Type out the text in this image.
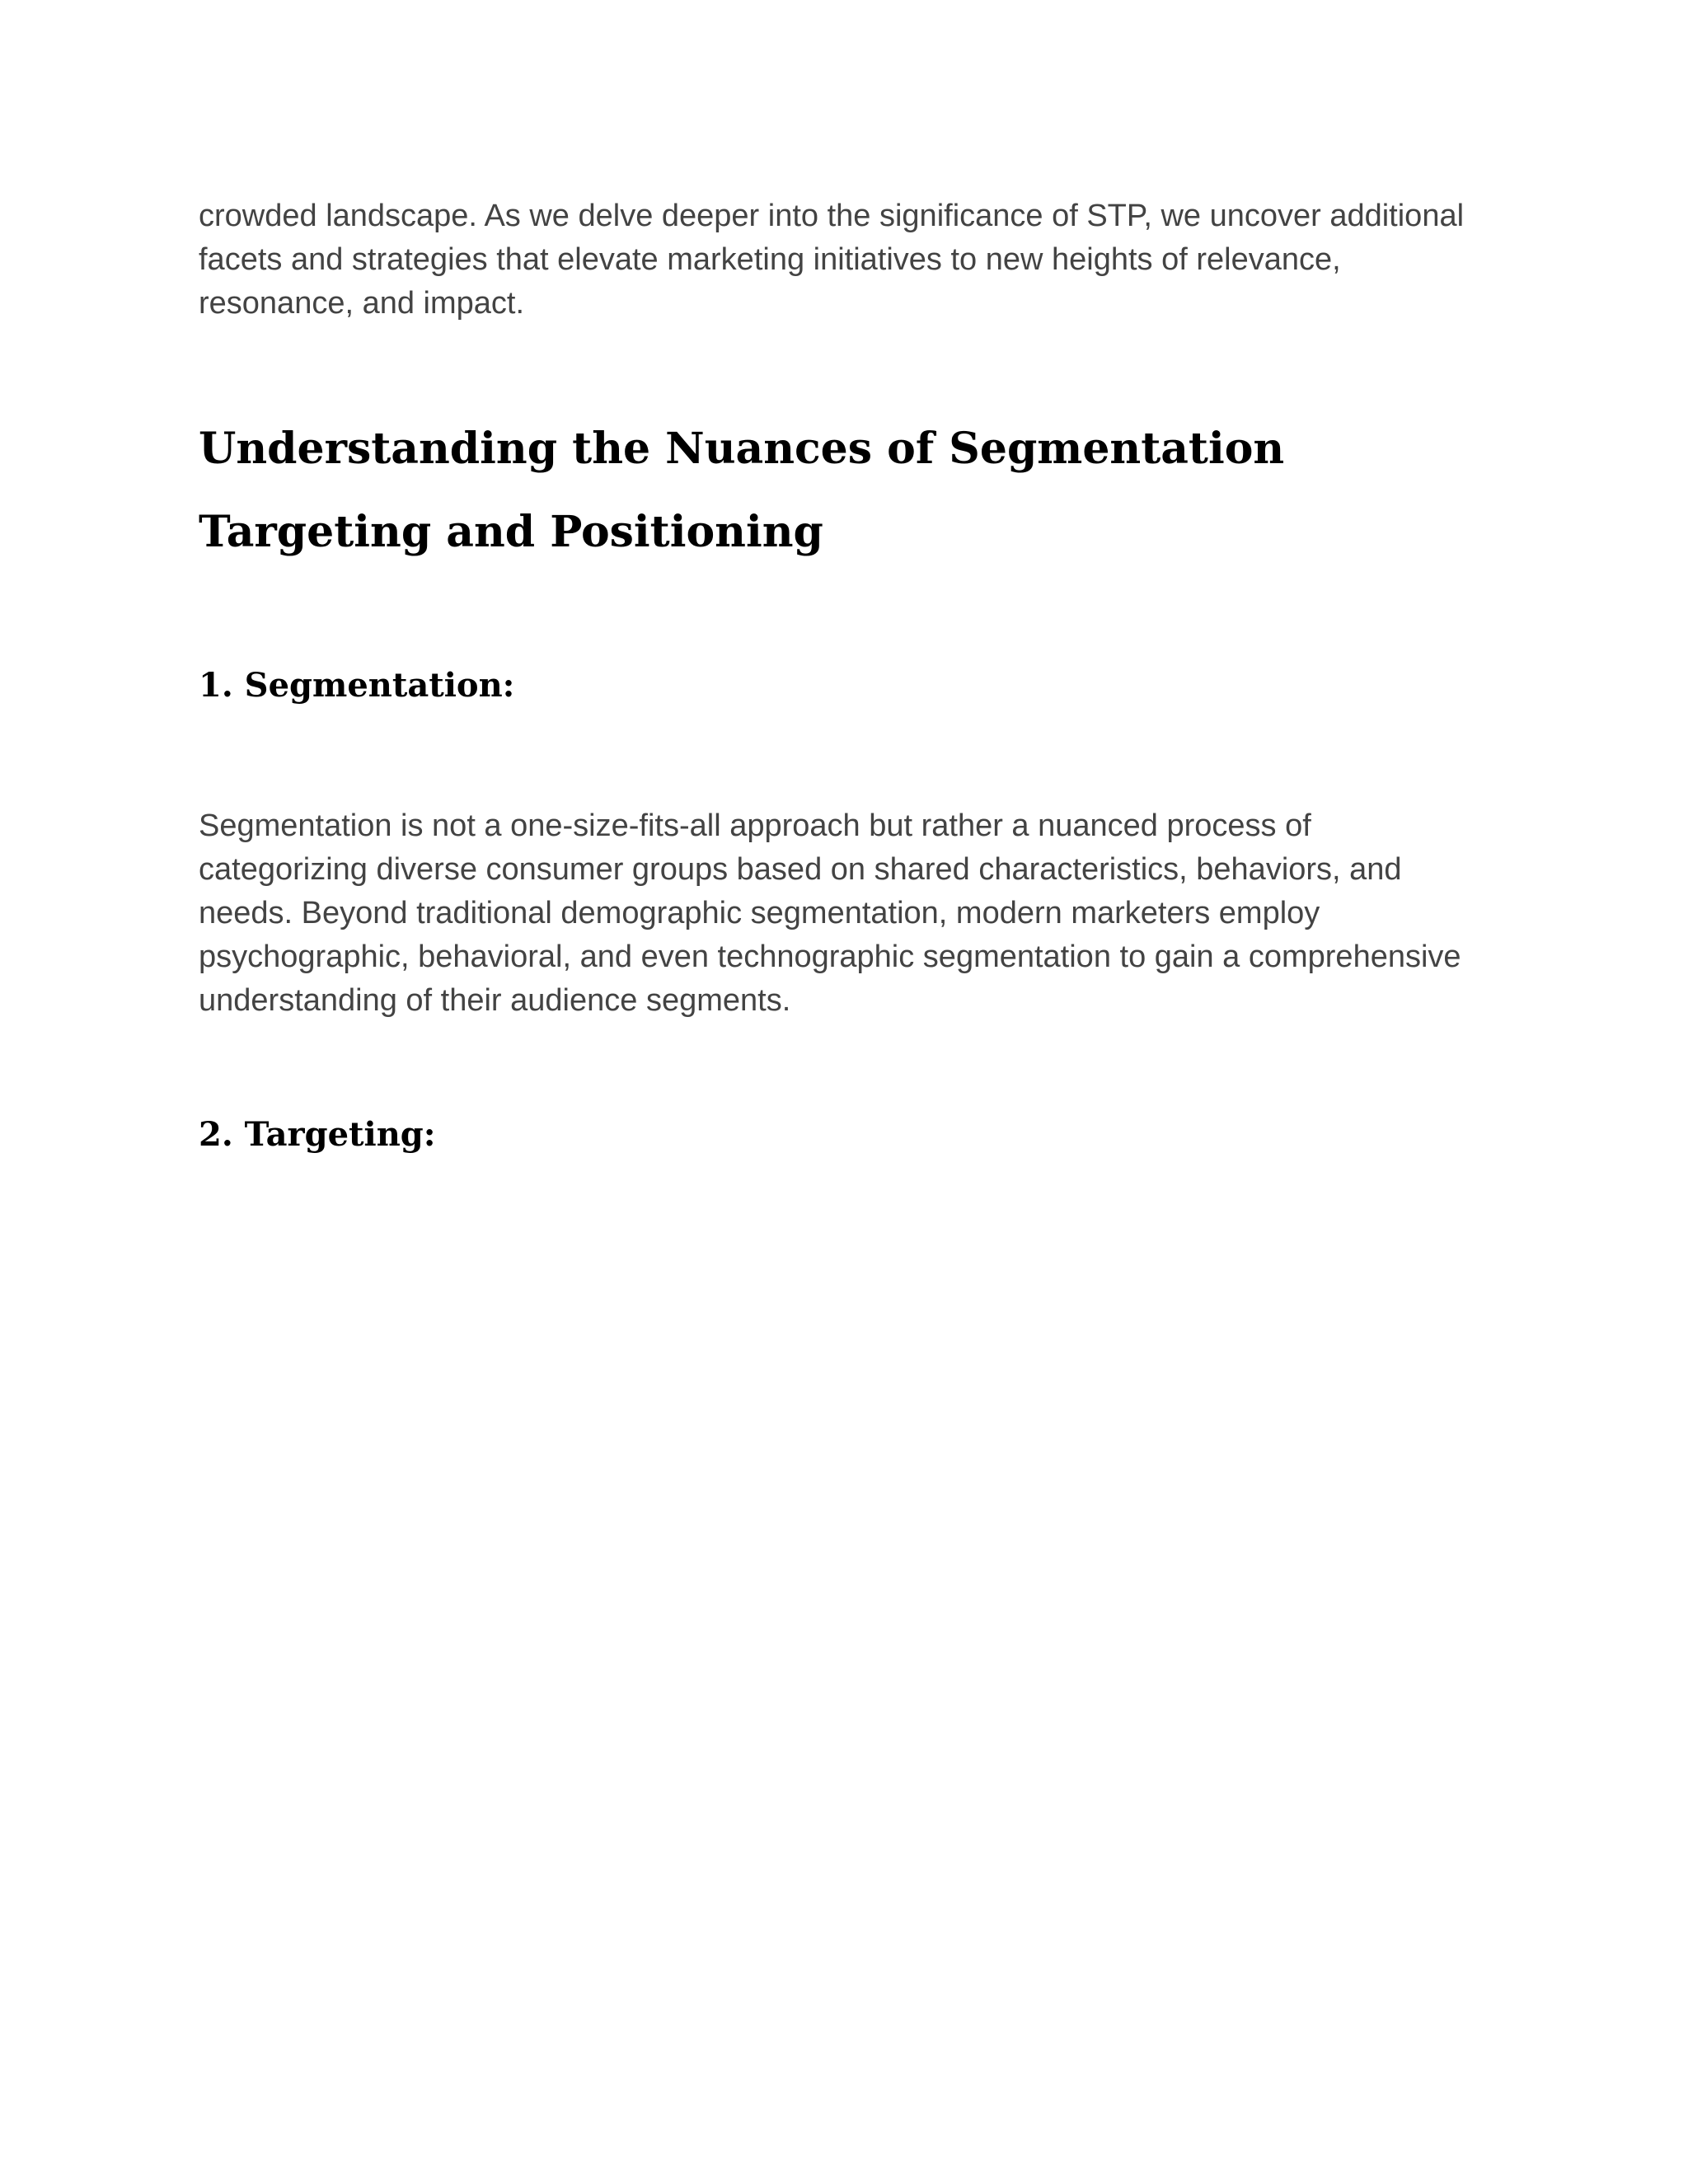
crowded landscape. As we delve deeper into the significance of STP, we uncover additional facets and strategies that elevate marketing initiatives to new heights of relevance, resonance, and impact.

Understanding the Nuances of Segmentation Targeting and Positioning
1. Segmentation:

Segmentation is not a one-size-fits-all approach but rather a nuanced process of categorizing diverse consumer groups based on shared characteristics, behaviors, and needs. Beyond traditional demographic segmentation, modern marketers employ psychographic, behavioral, and even technographic segmentation to gain a comprehensive understanding of their audience segments.

2. Targeting:
